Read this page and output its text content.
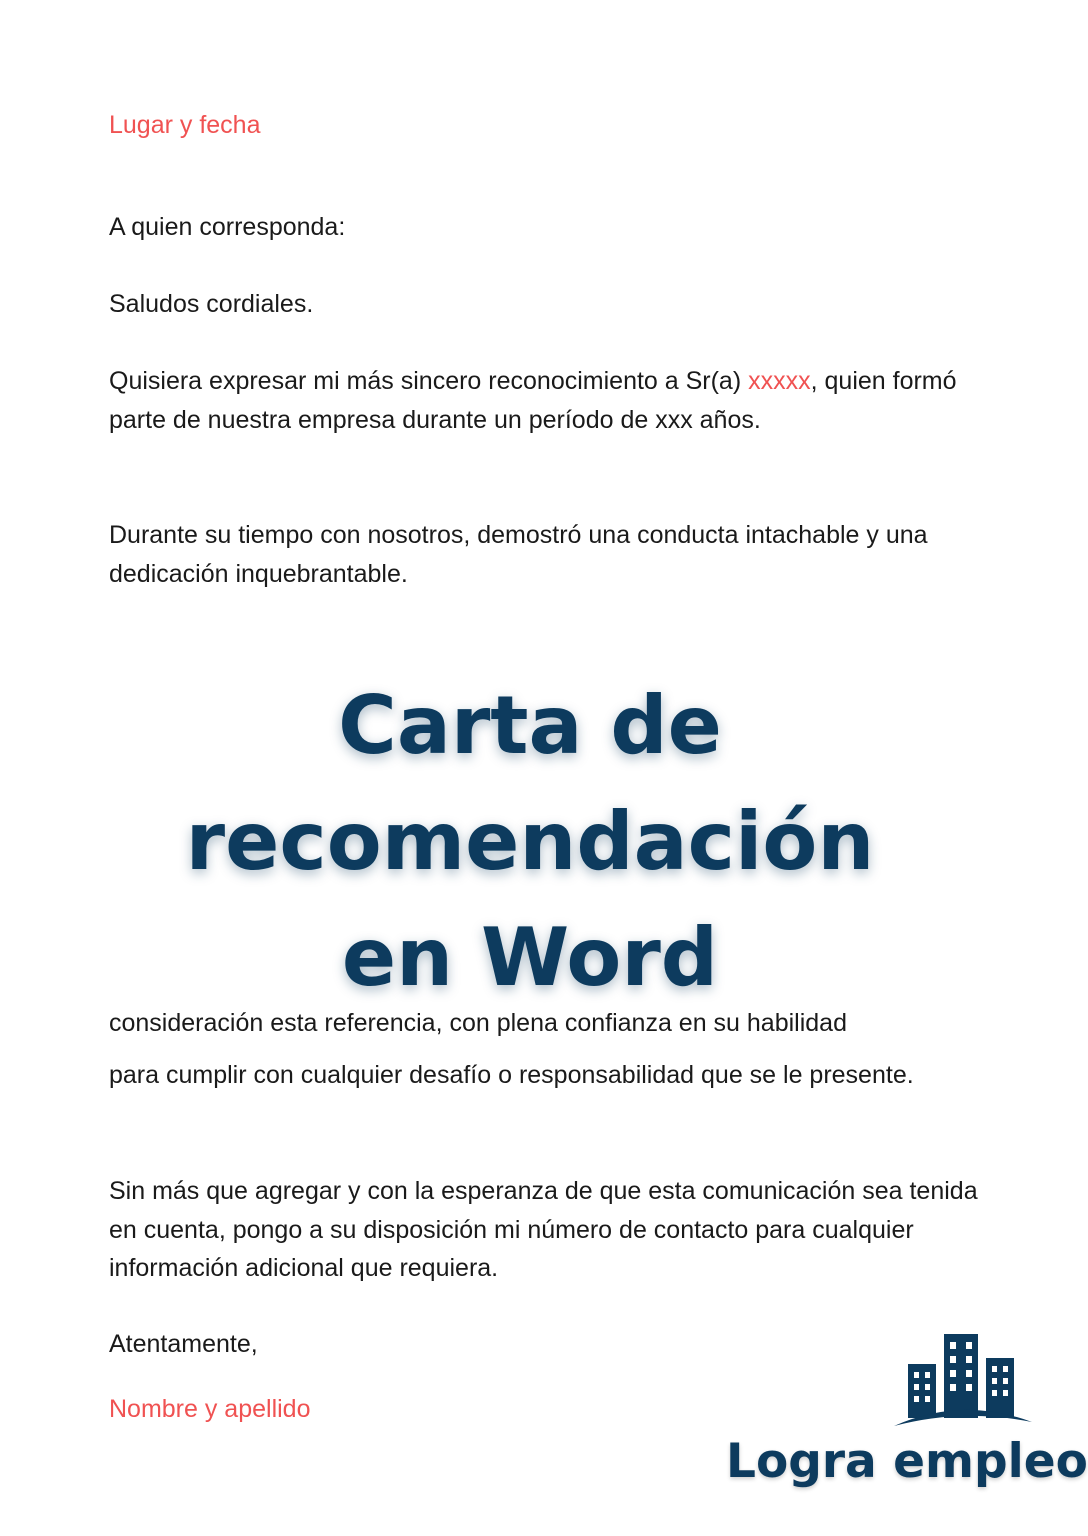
Lugar y fecha

A quien corresponda:

Saludos cordiales.

Quisiera expresar mi más sincero reconocimiento a Sr(a) xxxxx, quien formó parte de nuestra empresa durante un período de xxx años.

Durante su tiempo con nosotros, demostró una conducta intachable y una dedicación inquebrantable.

para cumplir con cualquier desafío o responsabilidad que se le presente.

Sin más que agregar y con la esperanza de que esta comunicación sea tenida en cuenta, pongo a su disposición mi número de contacto para cualquier información adicional que requiera.

Atentamente,

Nombre y apellido

consideración esta referencia, con plena confianza en su habilidad
Carta de
recomendación
en Word
Logra empleo
